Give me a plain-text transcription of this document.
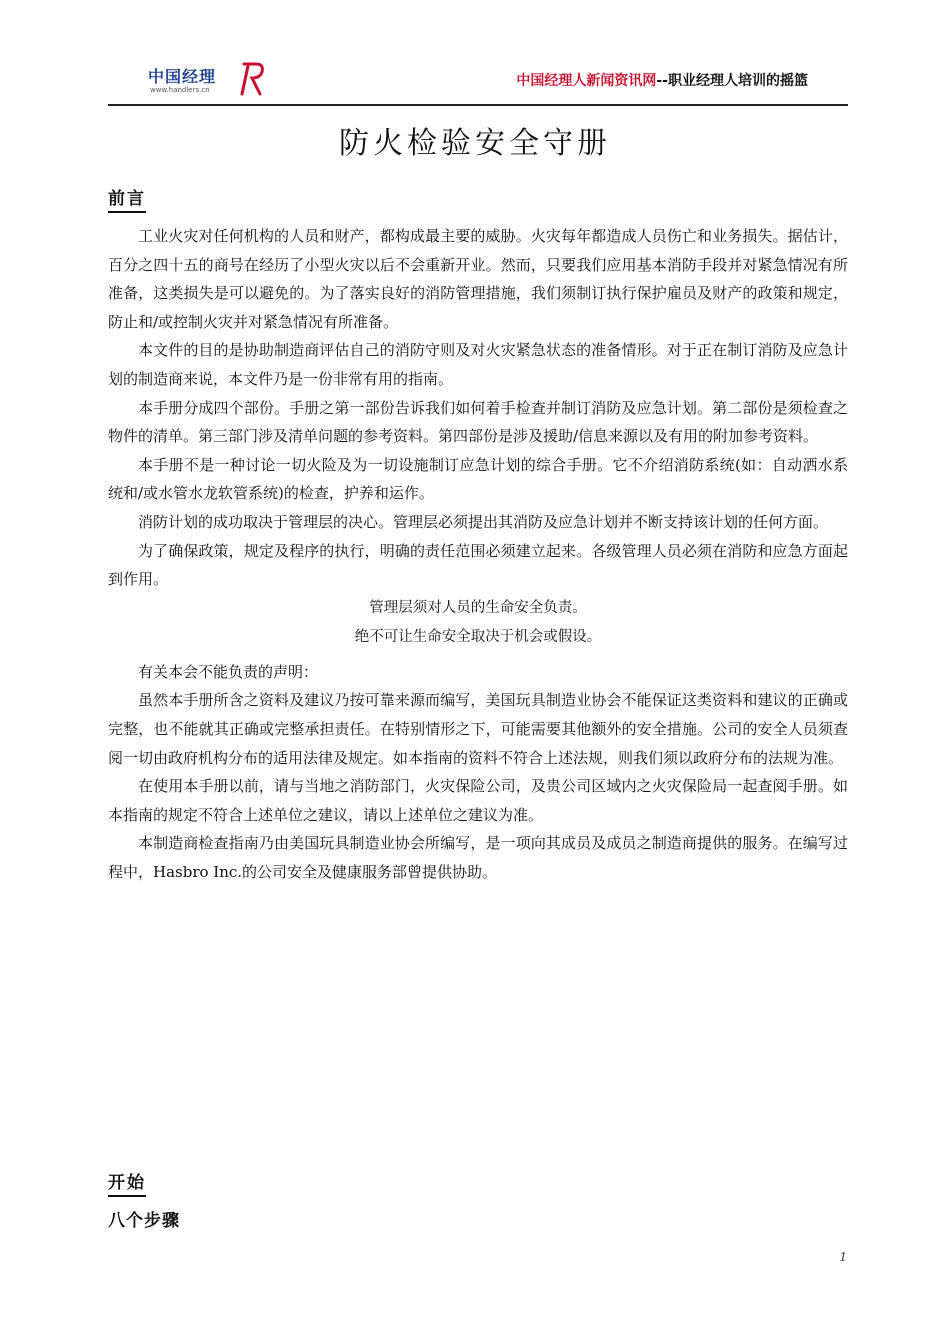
中国经理
www.handlers.cn
中国经理人新闻资讯网--职业经理人培训的摇篮
防火检验安全守册
前言

工业火灾对任何机构的人员和财产，都构成最主要的威胁。火灾每年都造成人员伤亡和业务损失。据估计，百分之四十五的商号在经历了小型火灾以后不会重新开业。然而，只要我们应用基本消防手段并对紧急情况有所准备，这类损失是可以避免的。为了落实良好的消防管理措施，我们须制订执行保护雇员及财产的政策和规定，防止和/或控制火灾并对紧急情况有所准备。

本文件的目的是协助制造商评估自己的消防守则及对火灾紧急状态的准备情形。对于正在制订消防及应急计划的制造商来说，本文件乃是一份非常有用的指南。

本手册分成四个部份。手册之第一部份告诉我们如何着手检查并制订消防及应急计划。第二部份是须检查之物件的清单。第三部门涉及清单问题的参考资料。第四部份是涉及援助/信息来源以及有用的附加参考资料。

本手册不是一种讨论一切火险及为一切设施制订应急计划的综合手册。它不介绍消防系统(如：自动洒水系统和/或水管水龙软管系统)的检查，护养和运作。

消防计划的成功取决于管理层的决心。管理层必须提出其消防及应急计划并不断支持该计划的任何方面。

为了确保政策，规定及程序的执行，明确的责任范围必须建立起来。各级管理人员必须在消防和应急方面起到作用。

管理层须对人员的生命安全负责。

绝不可让生命安全取决于机会或假设。

有关本会不能负责的声明：

虽然本手册所含之资料及建议乃按可靠来源而编写，美国玩具制造业协会不能保证这类资料和建议的正确或完整，也不能就其正确或完整承担责任。在特别情形之下，可能需要其他额外的安全措施。公司的安全人员须查阅一切由政府机构分布的适用法律及规定。如本指南的资料不符合上述法规，则我们须以政府分布的法规为准。

在使用本手册以前，请与当地之消防部门，火灾保险公司，及贵公司区域内之火灾保险局一起查阅手册。如本指南的规定不符合上述单位之建议，请以上述单位之建议为准。

本制造商检查指南乃由美国玩具制造业协会所编写，是一项向其成员及成员之制造商提供的服务。在编写过程中，Hasbro Inc.的公司安全及健康服务部曾提供协助。

开始
八个步骤
1
